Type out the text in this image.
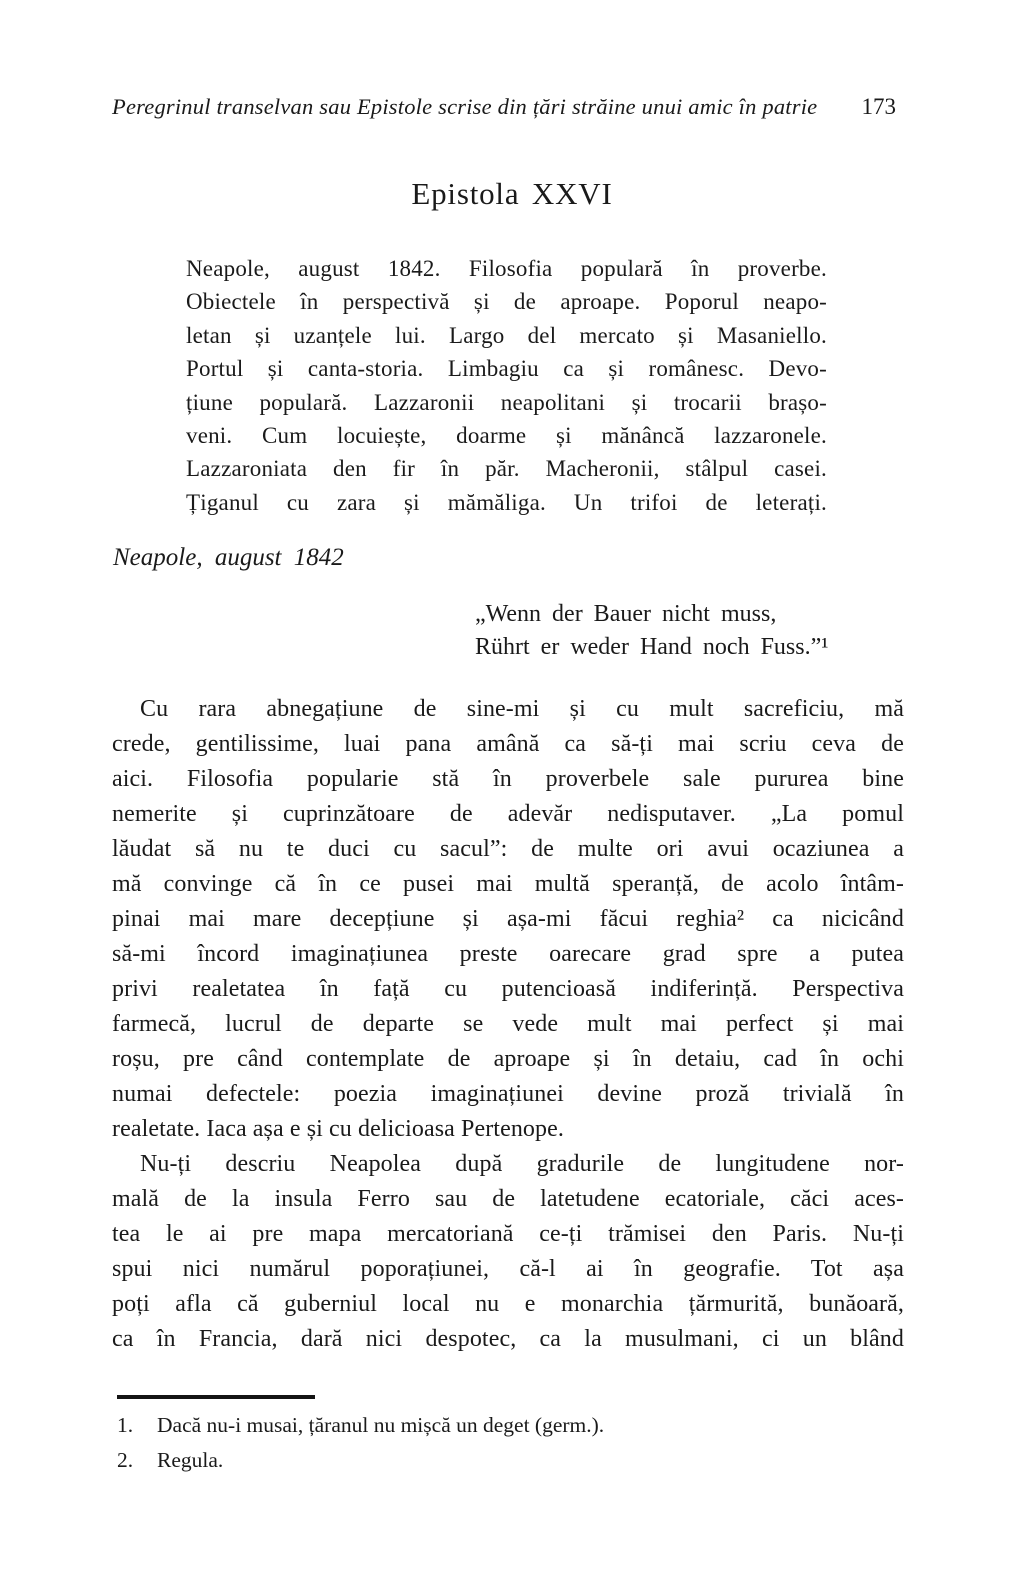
Peregrinul transelvan sau Epistole scrise din țări străine unui amic în patrie 173
Epistola XXVI
Neapole, august 1842. Filosofia populară în proverbe.
Obiectele în perspectivă și de aproape. Poporul neapo-
letan și uzanțele lui. Largo del mercato și Masaniello.
Portul și canta-storia. Limbagiu ca și românesc. Devo-
țiune populară. Lazzaronii neapolitani și trocarii brașo-
veni. Cum locuiește, doarme și mănâncă lazzaronele.
Lazzaroniata den fir în păr. Macheronii, stâlpul casei.
Țiganul cu zara și mămăliga. Un trifoi de leterați.
Neapole, august 1842
„Wenn der Bauer nicht muss,
Rührt er weder Hand noch Fuss.”¹
Cu rara abnegațiune de sine-mi și cu mult sacreficiu, mă
crede, gentilissime, luai pana amână ca să-ți mai scriu ceva de
aici. Filosofia popularie stă în proverbele sale pururea bine
nemerite și cuprinzătoare de adevăr nedisputaver. „La pomul
lăudat să nu te duci cu sacul”: de multe ori avui ocaziunea a
mă convinge că în ce pusei mai multă speranță, de acolo întâm-
pinai mai mare decepțiune și așa-mi făcui reghia² ca nicicând
să-mi încord imaginațiunea preste oarecare grad spre a putea
privi realetatea în față cu putencioasă indiferință. Perspectiva
farmecă, lucrul de departe se vede mult mai perfect și mai
roșu, pre când contemplate de aproape și în detaiu, cad în ochi
numai defectele: poezia imaginațiunei devine proză trivială în
realetate. Iaca așa e și cu delicioasa Pertenope.
Nu-ți descriu Neapolea după gradurile de lungitudene nor-
mală de la insula Ferro sau de latetudene ecatoriale, căci aces-
tea le ai pre mapa mercatoriană ce-ți trămisei den Paris. Nu-ți
spui nici numărul poporațiunei, că-l ai în geografie. Tot așa
poți afla că guberniul local nu e monarchia țărmurită, bunăoară,
ca în Francia, dară nici despotec, ca la musulmani, ci un blând
1.	Dacă nu-i musai, țăranul nu mișcă un deget (germ.).
2.	Regula.
